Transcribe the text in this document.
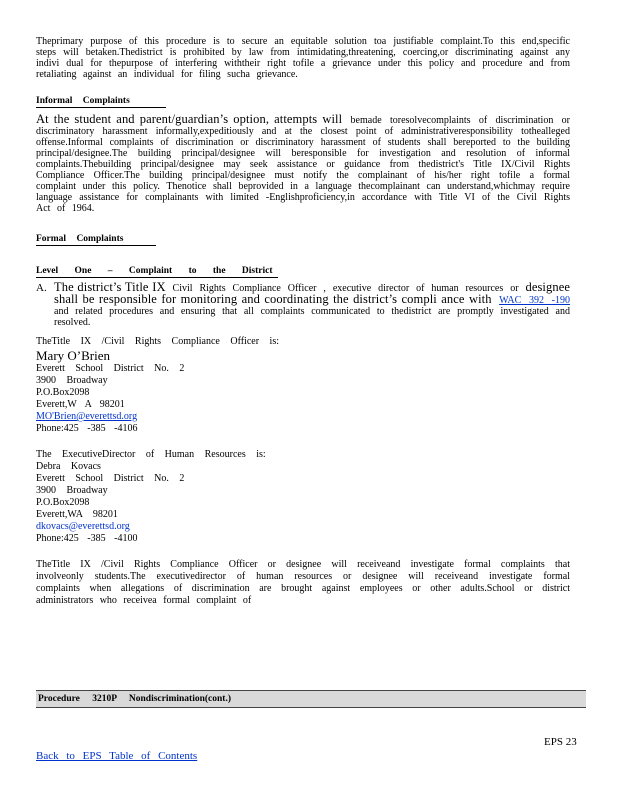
Theprimary purpose of this procedure is to secure an equitable solution toa justifiable complaint.To this end,specific steps will betaken.Thedistrict is prohibited by law from intimidating,threatening, coercing,or discriminating against any indivi dual for thepurpose of interfering withtheir right tofile a grievance under this policy and procedure and from retaliating against an individual for filing sucha grievance.

Informal Complaints

At the student and parent/guardian’s option, attempts will bemade toresolvecomplaints of discrimination or discriminatory harassment informally,expeditiously and at the closest point of administrativeresponsibility tothealleged offense.Informal complaints of discrimination or discriminatory harassment of students shall bereported to the building principal/designee.The building principal/designee will beresponsible for investigation and resolution of informal complaints.Thebuilding principal/designee may seek assistance or guidance from thedistrict's Title IX/Civil Rights Compliance Officer.The building principal/designee must notify the complainant of his/her right tofile a formal complaint under this policy. Thenotice shall beprovided in a language thecomplainant can understand,whichmay require language assistance for complainants with limited -Englishproficiency,in accordance with Title VI of the Civil Rights Act of 1964.

Formal Complaints
Level One – Complaint to the District
A. The district’s Title IX Civil Rights Compliance Officer , executive director of human resources or designee shall be responsible for monitoring and coordinating the district’s compli ance with WAC 392 -190 and related procedures and ensuring that all complaints communicated to thedistrict are promptly investigated and resolved.

TheTitle IX /Civil Rights Compliance Officer is:
Mary O’Brien
Everett School District No. 2
3900 Broadway
P.O.Box2098
Everett,W A 98201
MO'Brien@everettsd.org
Phone:425 -385 -4106
The ExecutiveDirector of Human Resources is:
Debra Kovacs
Everett School District No. 2
3900 Broadway
P.O.Box2098
Everett,WA 98201
dkovacs@everettsd.org
Phone:425 -385 -4100

TheTitle IX /Civil Rights Compliance Officer or designee will receiveand investigate formal complaints that involveonly students.The executivedirector of human resources or designee will receiveand investigate formal complaints when allegations of discrimination are brought against employees or other adults.School or district administrators who receivea formal complaint of

Procedure 3210P Nondiscrimination(cont.)
EPS 23
Back to EPS Table of Contents
